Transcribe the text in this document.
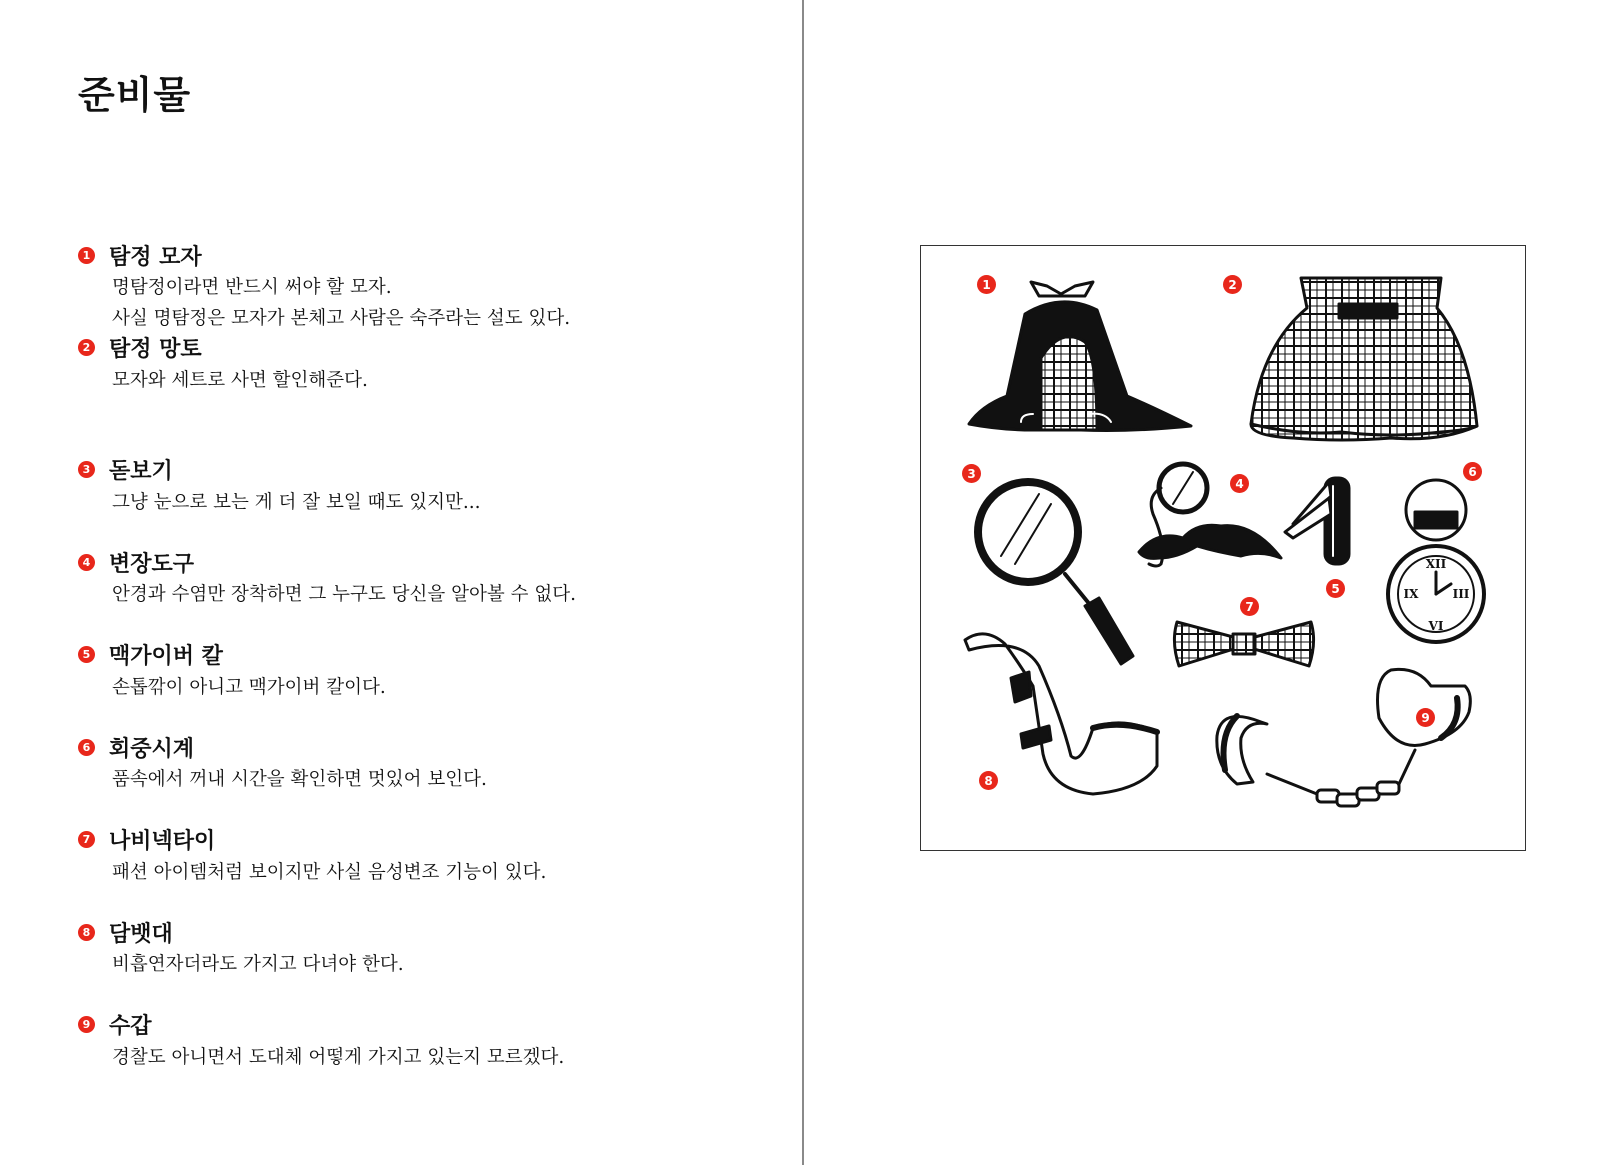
준비물
1 탐정 모자
명탐정이라면 반드시 써야 할 모자.
사실 명탐정은 모자가 본체고 사람은 숙주라는 설도 있다.
2 탐정 망토
모자와 세트로 사면 할인해준다.
3 돋보기
그냥 눈으로 보는 게 더 잘 보일 때도 있지만...
4 변장도구
안경과 수염만 장착하면 그 누구도 당신을 알아볼 수 없다.
5 맥가이버 칼
손톱깎이 아니고 맥가이버 칼이다.
6 회중시계
품속에서 꺼내 시간을 확인하면 멋있어 보인다.
7 나비넥타이
패션 아이템처럼 보이지만 사실 음성변조 기능이 있다.
8 담뱃대
비흡연자더라도 가지고 다녀야 한다.
9 수갑
경찰도 아니면서 도대체 어떻게 가지고 있는지 모르겠다.
XII
III
VI
IX
1	2
3
4
5
6
7
8
9
